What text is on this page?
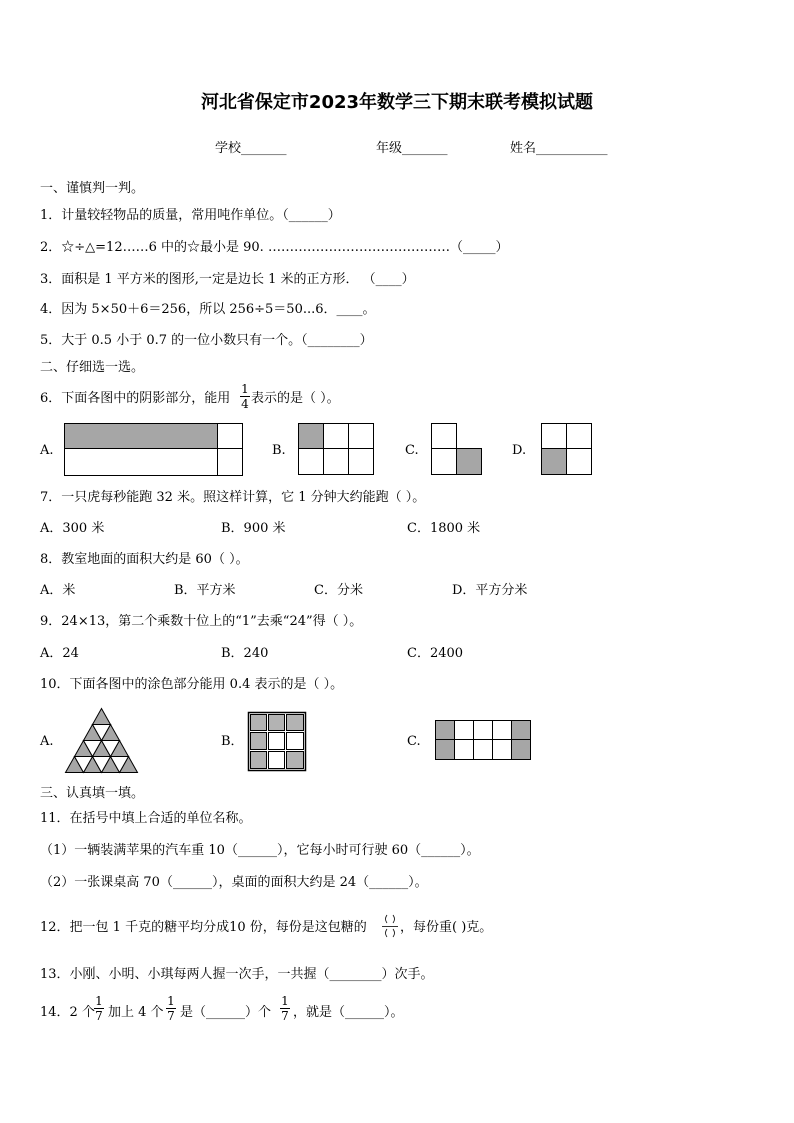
河北省保定市2023年数学三下期末联考模拟试题
学校_______	年级_______	姓名___________
一、谨慎判一判。
1．计量较轻物品的质量，常用吨作单位。（______）
2．☆÷△=12……6 中的☆最小是 90. ……………………………………（_____）
3．面积是 1 平方米的图形,一定是边长 1 米的正方形． （____）
4．因为 5×50＋6＝256，所以 256÷5＝50...6．____。
5．大于 0.5 小于 0.7 的一位小数只有一个。（________）
二、仔细选一选。
6．下面各图中的阴影部分，能用
1
4 表示的是（ ）。
A.	B.	C.	D.
7．一只虎每秒能跑 32 米。照这样计算，它 1 分钟大约能跑（ ）。
A．300 米	B．900 米	C．1800 米
8．教室地面的面积大约是 60（ ）。
A．米	B．平方米	C．分米	D．平方分米
9．24×13，第二个乘数十位上的“1”去乘“24”得（ ）。
A．24	B．240	C．2400
10．下面各图中的涂色部分能用 0.4 表示的是（ ）。
A.	B．	C.
三、认真填一填。
11．在括号中填上合适的单位名称。
（1）一辆装满苹果的汽车重 10（______），它每小时可行驶 60（______）。
（2）一张课桌高 70（______），桌面的面积大约是 24（______）。
12．把一包 1 千克的糖平均分成10 份，每份是这包糖的	，每份重( )克。
13．小刚、小明、小琪每两人握一次手，一共握（________）次手。
14．2 个
1
7 加上 4 个
1
7 是（______）个
1
7 ，就是（______）。
